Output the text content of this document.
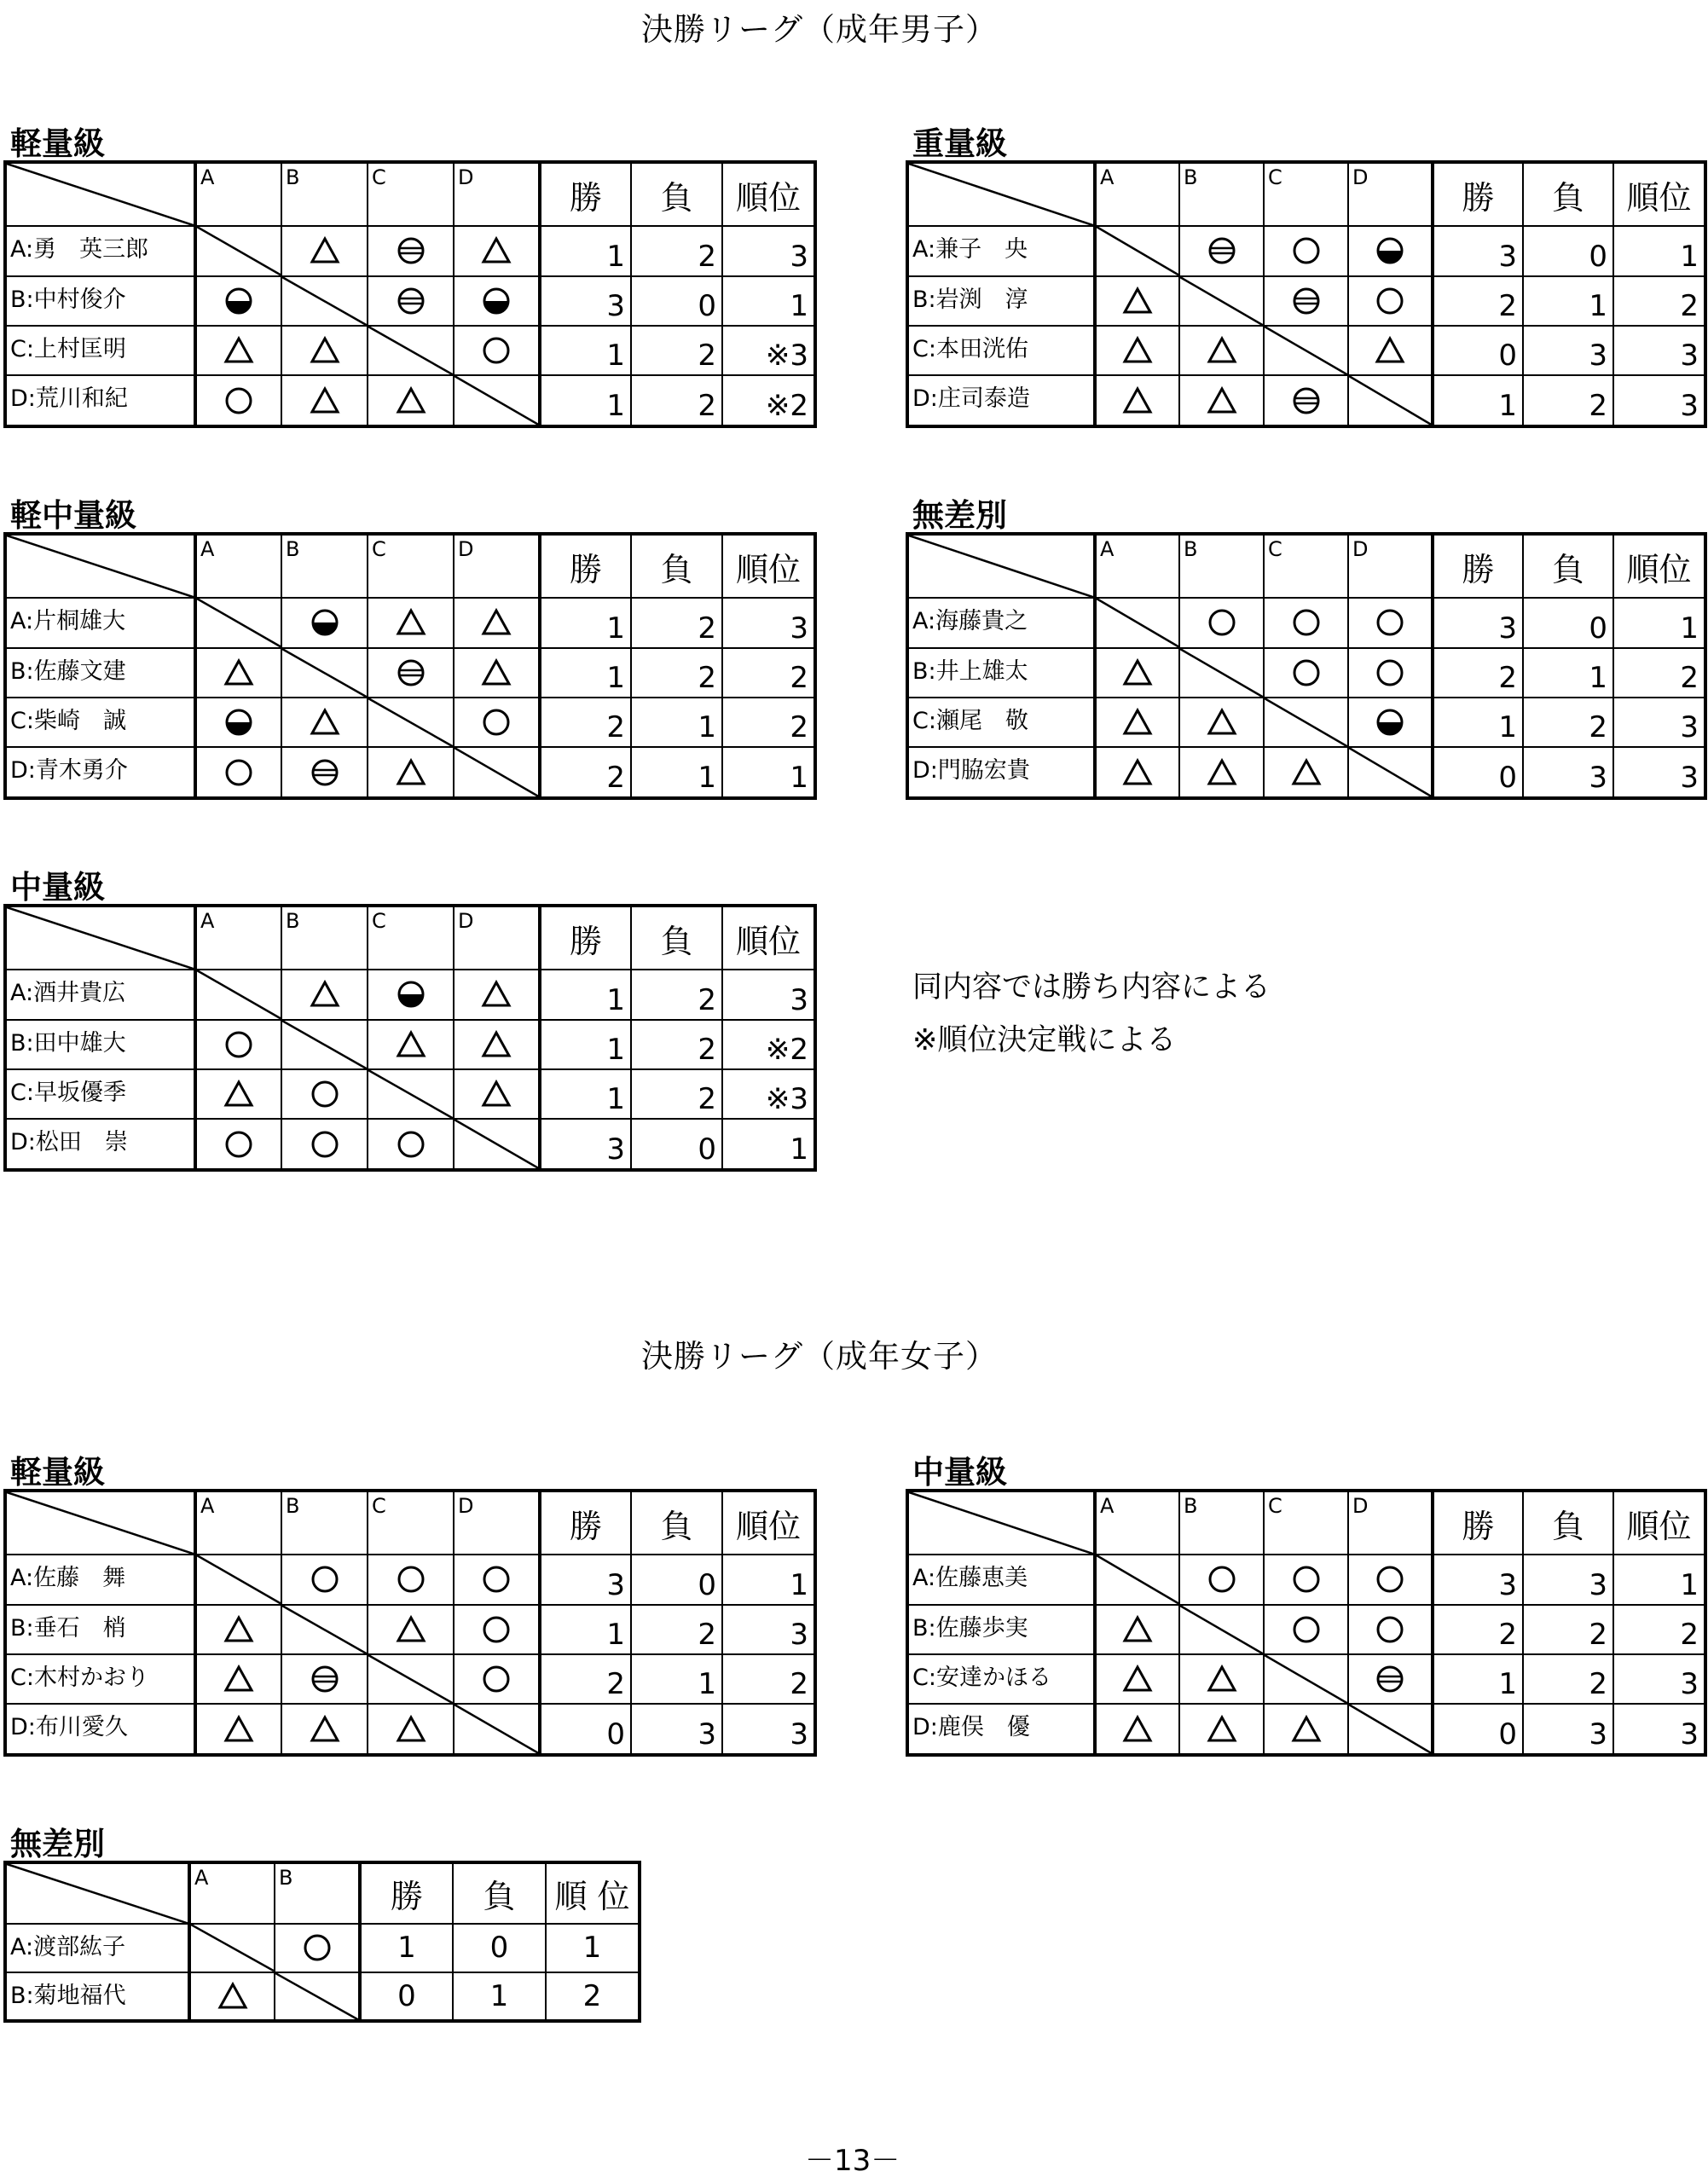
決勝リーグ（成年男子）
決勝リーグ（成年女子）
軽量級
	A	B	C	D	勝	負	順位
A:勇　英三郎					1	2	3
B:中村俊介					3	0	1
C:上村匡明					1	2	※3
D:荒川和紀					1	2	※2
重量級
	A	B	C	D	勝	負	順位
A:兼子　央					3	0	1
B:岩渕　淳					2	1	2
C:本田洸佑					0	3	3
D:庄司泰造					1	2	3
軽中量級
	A	B	C	D	勝	負	順位
A:片桐雄大					1	2	3
B:佐藤文建					1	2	2
C:柴崎　誠					2	1	2
D:青木勇介					2	1	1
無差別
	A	B	C	D	勝	負	順位
A:海藤貴之					3	0	1
B:井上雄太					2	1	2
C:瀬尾　敬					1	2	3
D:門脇宏貴					0	3	3
中量級
	A	B	C	D	勝	負	順位
A:酒井貴広					1	2	3
B:田中雄大					1	2	※2
C:早坂優季					1	2	※3
D:松田　崇					3	0	1
同内容では勝ち内容による
※順位決定戦による
軽量級
	A	B	C	D	勝	負	順位
A:佐藤　舞					3	0	1
B:垂石　梢					1	2	3
C:木村かおり					2	1	2
D:布川愛久					0	3	3
中量級
	A	B	C	D	勝	負	順位
A:佐藤恵美					3	3	1
B:佐藤歩実					2	2	2
C:安達かほる					1	2	3
D:鹿俣　優					0	3	3
無差別
	A	B	勝	負	順 位
A:渡部紘子			1	0	1
B:菊地福代			0	1	2
－13－
